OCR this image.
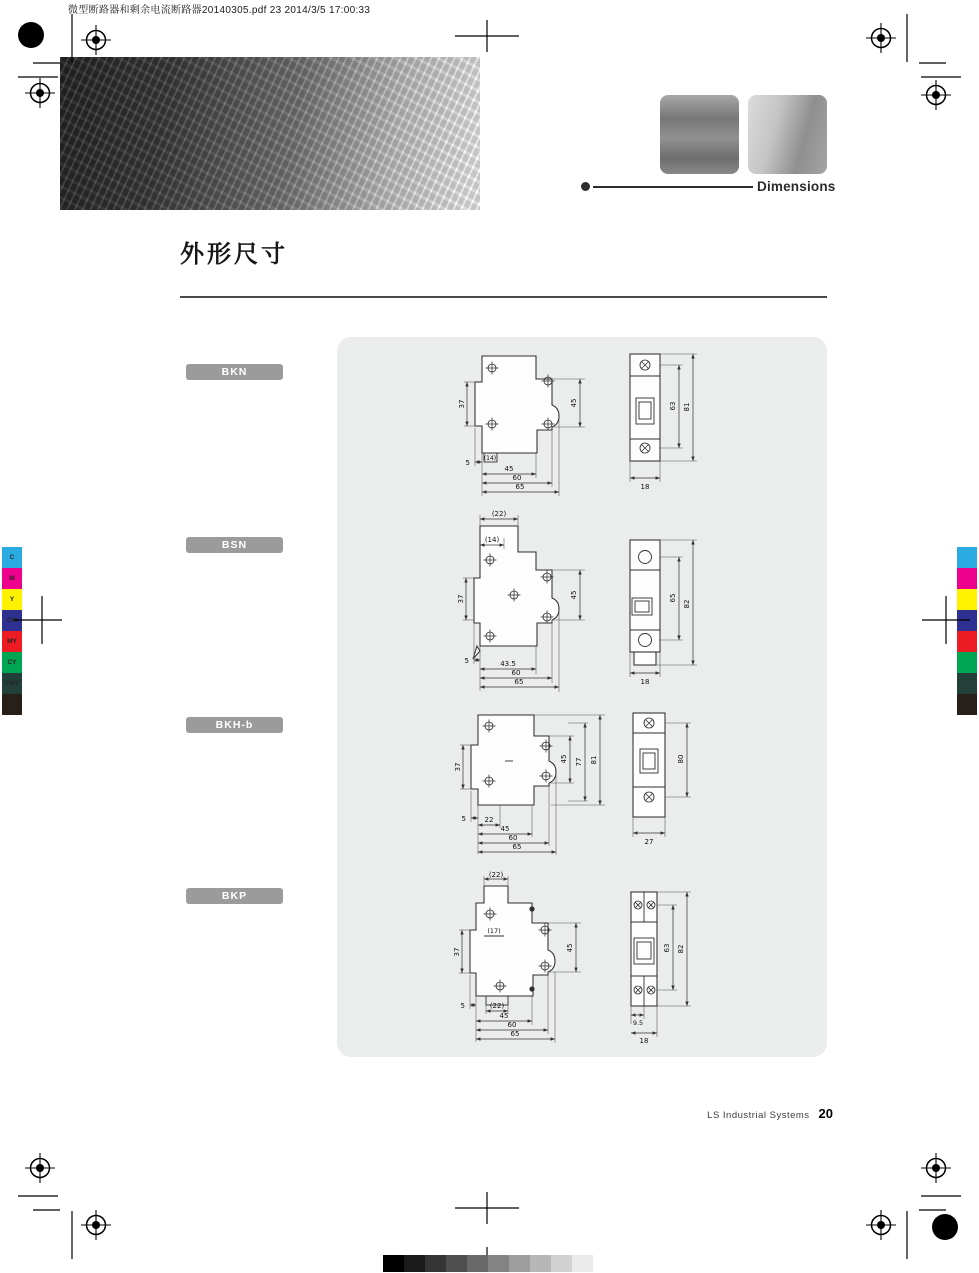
微型断路器和剩余电流断路器20140305.pdf 23 2014/3/5 17:00:33
Dimensions
外形尺寸
BKN
BSN
BKH-b
BKP
37	45
5
(14)
45
60
65
63 81
18
(22)
(14)
37	45
5	43.5
60
65
65
82
18
37
45 77 81
5	22
45
60
65
80
27
(17)
(22)
37	45
5	(22)
45
60
65
63 82
9.5
18
LS Industrial Systems 20
C
M
Y
CM
MY
CY
CMY
K
